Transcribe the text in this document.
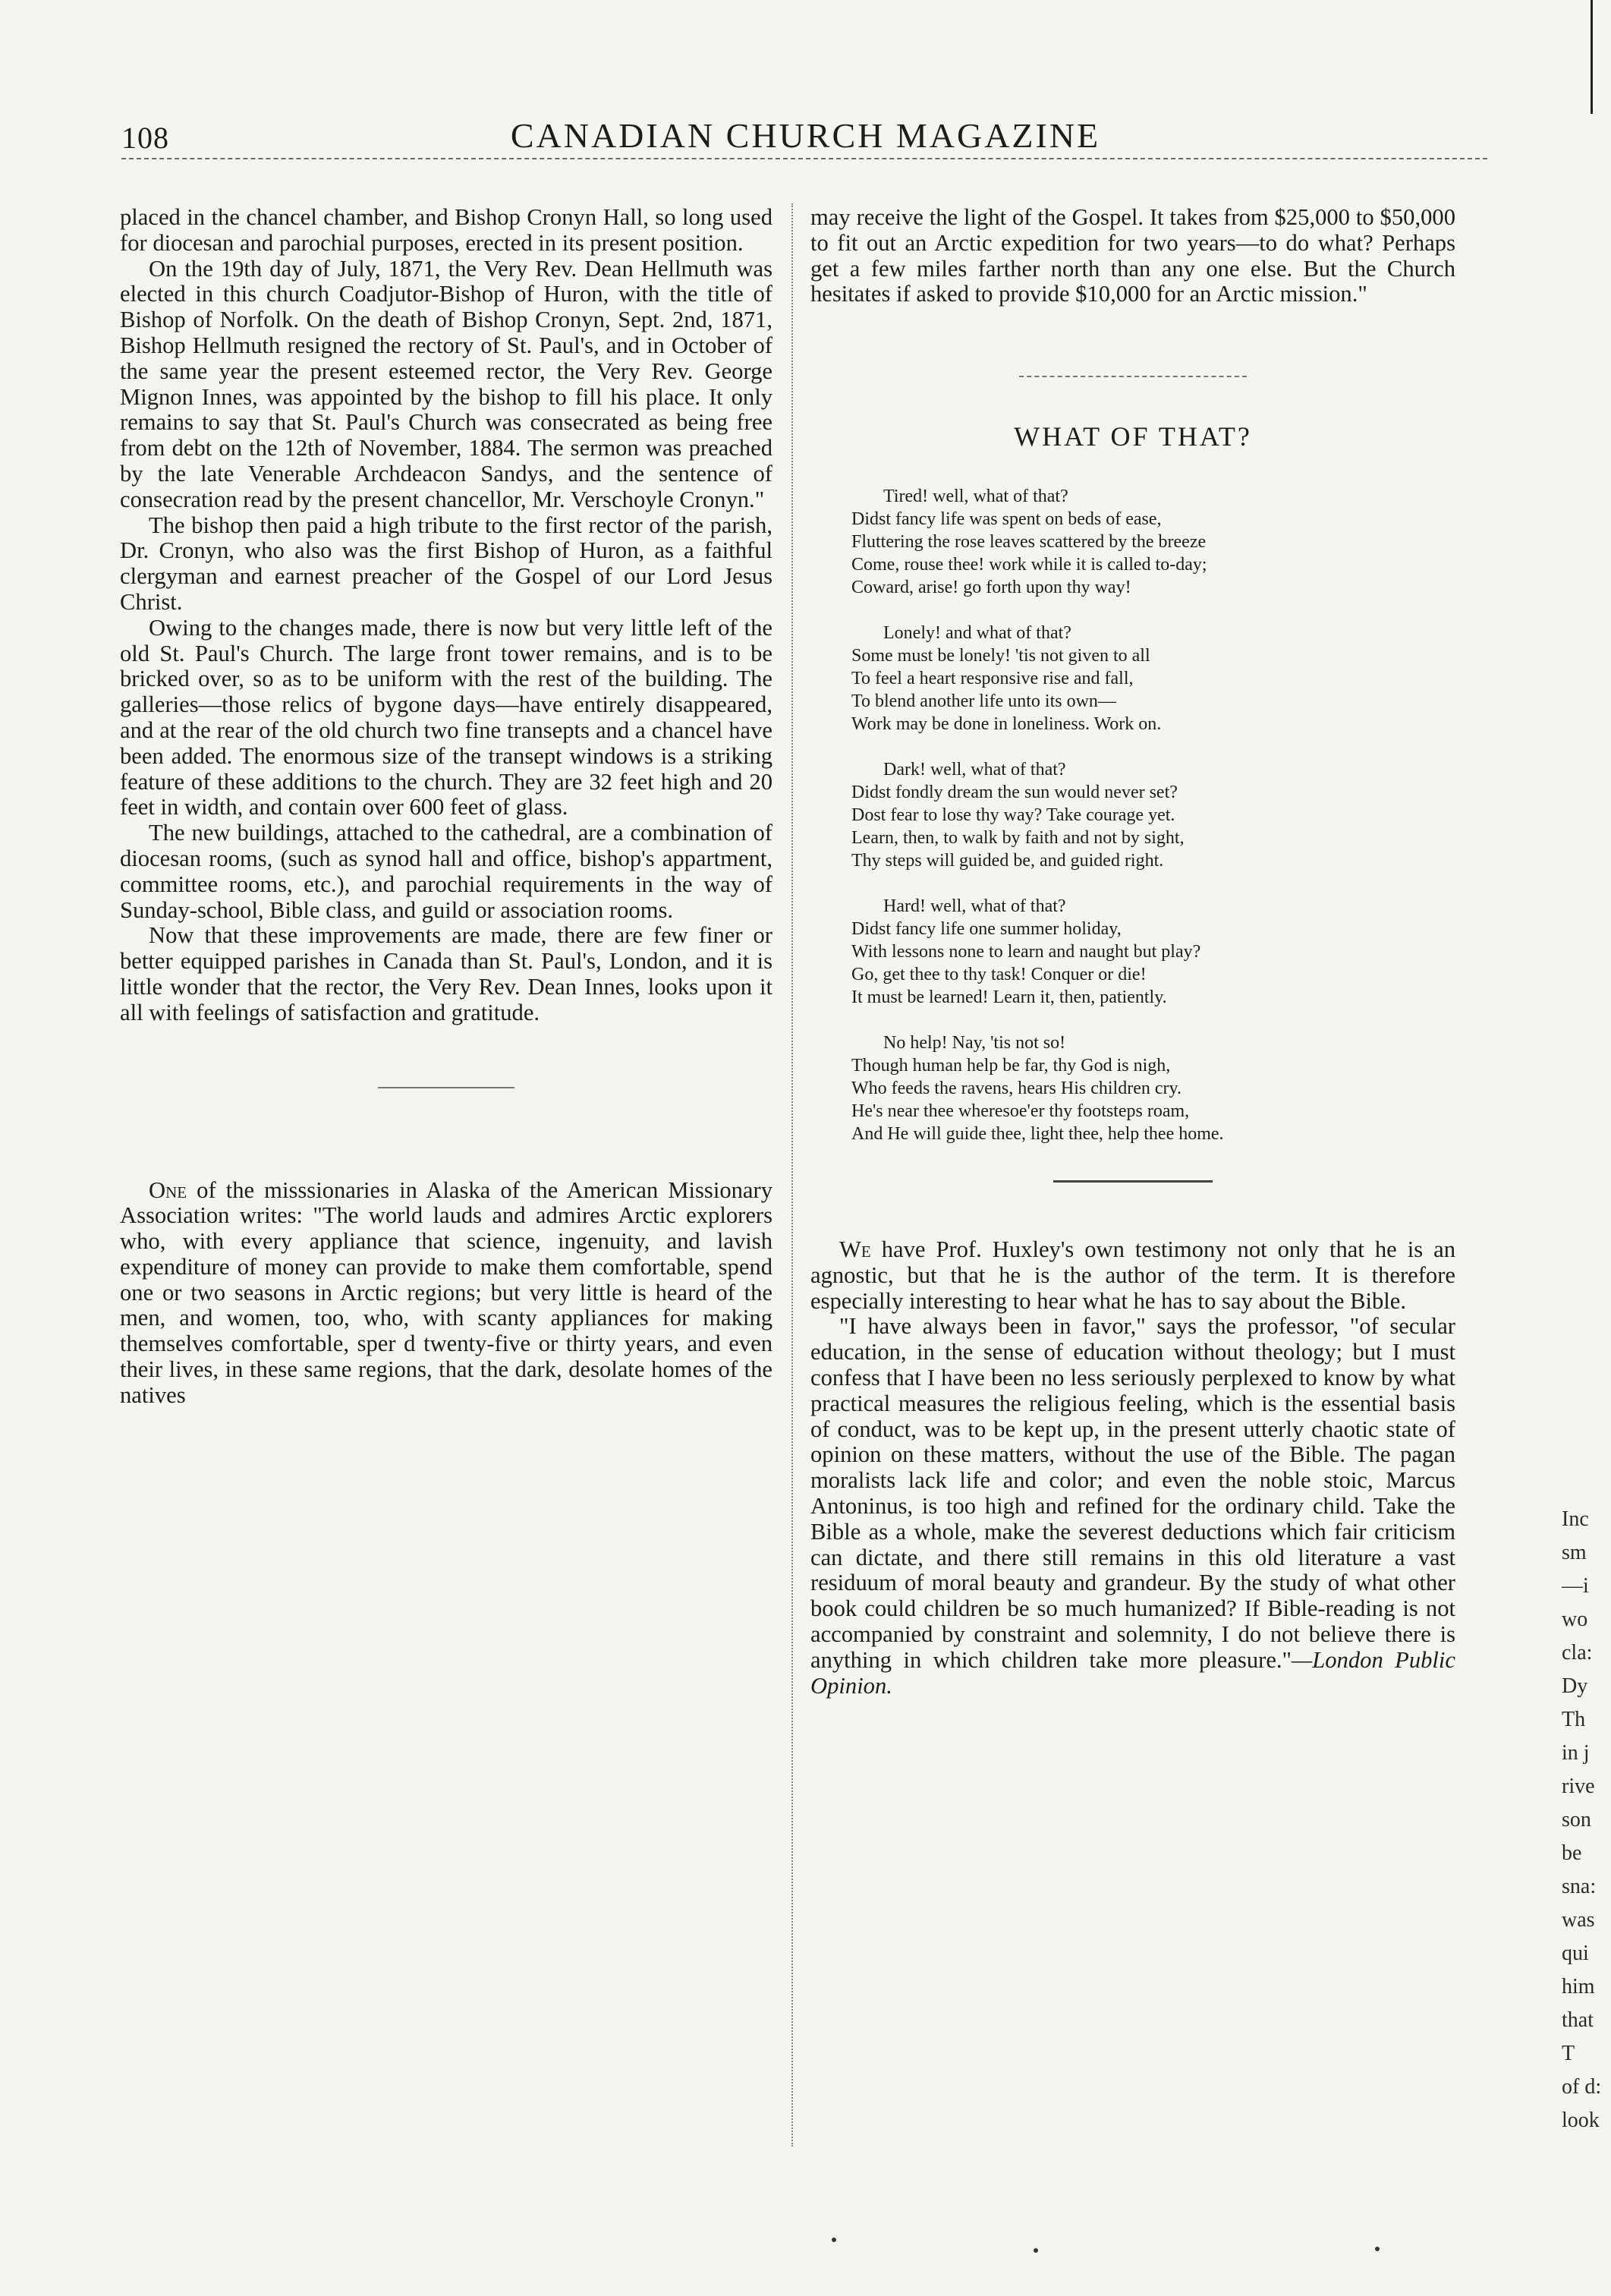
108	CANADIAN CHURCH MAGAZINE

placed in the chancel chamber, and Bishop Cronyn Hall, so long used for diocesan and parochial purposes, erected in its present position.

On the 19th day of July, 1871, the Very Rev. Dean Hellmuth was elected in this church Coadjutor-Bishop of Huron, with the title of Bishop of Norfolk. On the death of Bishop Cronyn, Sept. 2nd, 1871, Bishop Hellmuth resigned the rectory of St. Paul's, and in October of the same year the present esteemed rector, the Very Rev. George Mignon Innes, was appointed by the bishop to fill his place. It only remains to say that St. Paul's Church was consecrated as being free from debt on the 12th of November, 1884. The sermon was preached by the late Venerable Archdeacon Sandys, and the sentence of consecration read by the present chancellor, Mr. Verschoyle Cronyn."

The bishop then paid a high tribute to the first rector of the parish, Dr. Cronyn, who also was the first Bishop of Huron, as a faithful clergyman and earnest preacher of the Gospel of our Lord Jesus Christ.

Owing to the changes made, there is now but very little left of the old St. Paul's Church. The large front tower remains, and is to be bricked over, so as to be uniform with the rest of the building. The galleries—those relics of bygone days—have entirely disappeared, and at the rear of the old church two fine transepts and a chancel have been added. The enormous size of the transept windows is a striking feature of these additions to the church. They are 32 feet high and 20 feet in width, and contain over 600 feet of glass.

The new buildings, attached to the cathedral, are a combination of diocesan rooms, (such as synod hall and office, bishop's appartment, committee rooms, etc.), and parochial requirements in the way of Sunday-school, Bible class, and guild or association rooms.

Now that these improvements are made, there are few finer or better equipped parishes in Canada than St. Paul's, London, and it is little wonder that the rector, the Very Rev. Dean Innes, looks upon it all with feelings of satisfaction and gratitude.

One of the misssionaries in Alaska of the American Missionary Association writes: "The world lauds and admires Arctic explorers who, with every appliance that science, ingenuity, and lavish expenditure of money can provide to make them comfortable, spend one or two seasons in Arctic regions; but very little is heard of the men, and women, too, who, with scanty appliances for making themselves comfortable, sper d twenty-five or thirty years, and even their lives, in these same regions, that the dark, desolate homes of the natives

may receive the light of the Gospel. It takes from $25,000 to $50,000 to fit out an Arctic expedition for two years—to do what? Perhaps get a few miles farther north than any one else. But the Church hesitates if asked to provide $10,000 for an Arctic mission."

WHAT OF THAT?
Tired! well, what of that?
Didst fancy life was spent on beds of ease,
Fluttering the rose leaves scattered by the breeze
Come, rouse thee! work while it is called to-day;
Coward, arise! go forth upon thy way!
Lonely! and what of that?
Some must be lonely! 'tis not given to all
To feel a heart responsive rise and fall,
To blend another life unto its own—
Work may be done in loneliness. Work on.
Dark! well, what of that?
Didst fondly dream the sun would never set?
Dost fear to lose thy way? Take courage yet.
Learn, then, to walk by faith and not by sight,
Thy steps will guided be, and guided right.
Hard! well, what of that?
Didst fancy life one summer holiday,
With lessons none to learn and naught but play?
Go, get thee to thy task! Conquer or die!
It must be learned! Learn it, then, patiently.
No help! Nay, 'tis not so!
Though human help be far, thy God is nigh,
Who feeds the ravens, hears His children cry.
He's near thee wheresoe'er thy footsteps roam,
And He will guide thee, light thee, help thee home.

We have Prof. Huxley's own testimony not only that he is an agnostic, but that he is the author of the term. It is therefore especially interesting to hear what he has to say about the Bible.

"I have always been in favor," says the professor, "of secular education, in the sense of education without theology; but I must confess that I have been no less seriously perplexed to know by what practical measures the religious feeling, which is the essential basis of conduct, was to be kept up, in the present utterly chaotic state of opinion on these matters, without the use of the Bible. The pagan moralists lack life and color; and even the noble stoic, Marcus Antoninus, is too high and refined for the ordinary child. Take the Bible as a whole, make the severest deductions which fair criticism can dictate, and there still remains in this old literature a vast residuum of moral beauty and grandeur. By the study of what other book could children be so much humanized? If Bible-reading is not accompanied by constraint and solemnity, I do not believe there is anything in which children take more pleasure."—London Public Opinion.

Inc
sm
—i
wo
cla:
Dy
Th
in j
rive
son
be
sna:
was
qui
him
that
T
of d:
look
